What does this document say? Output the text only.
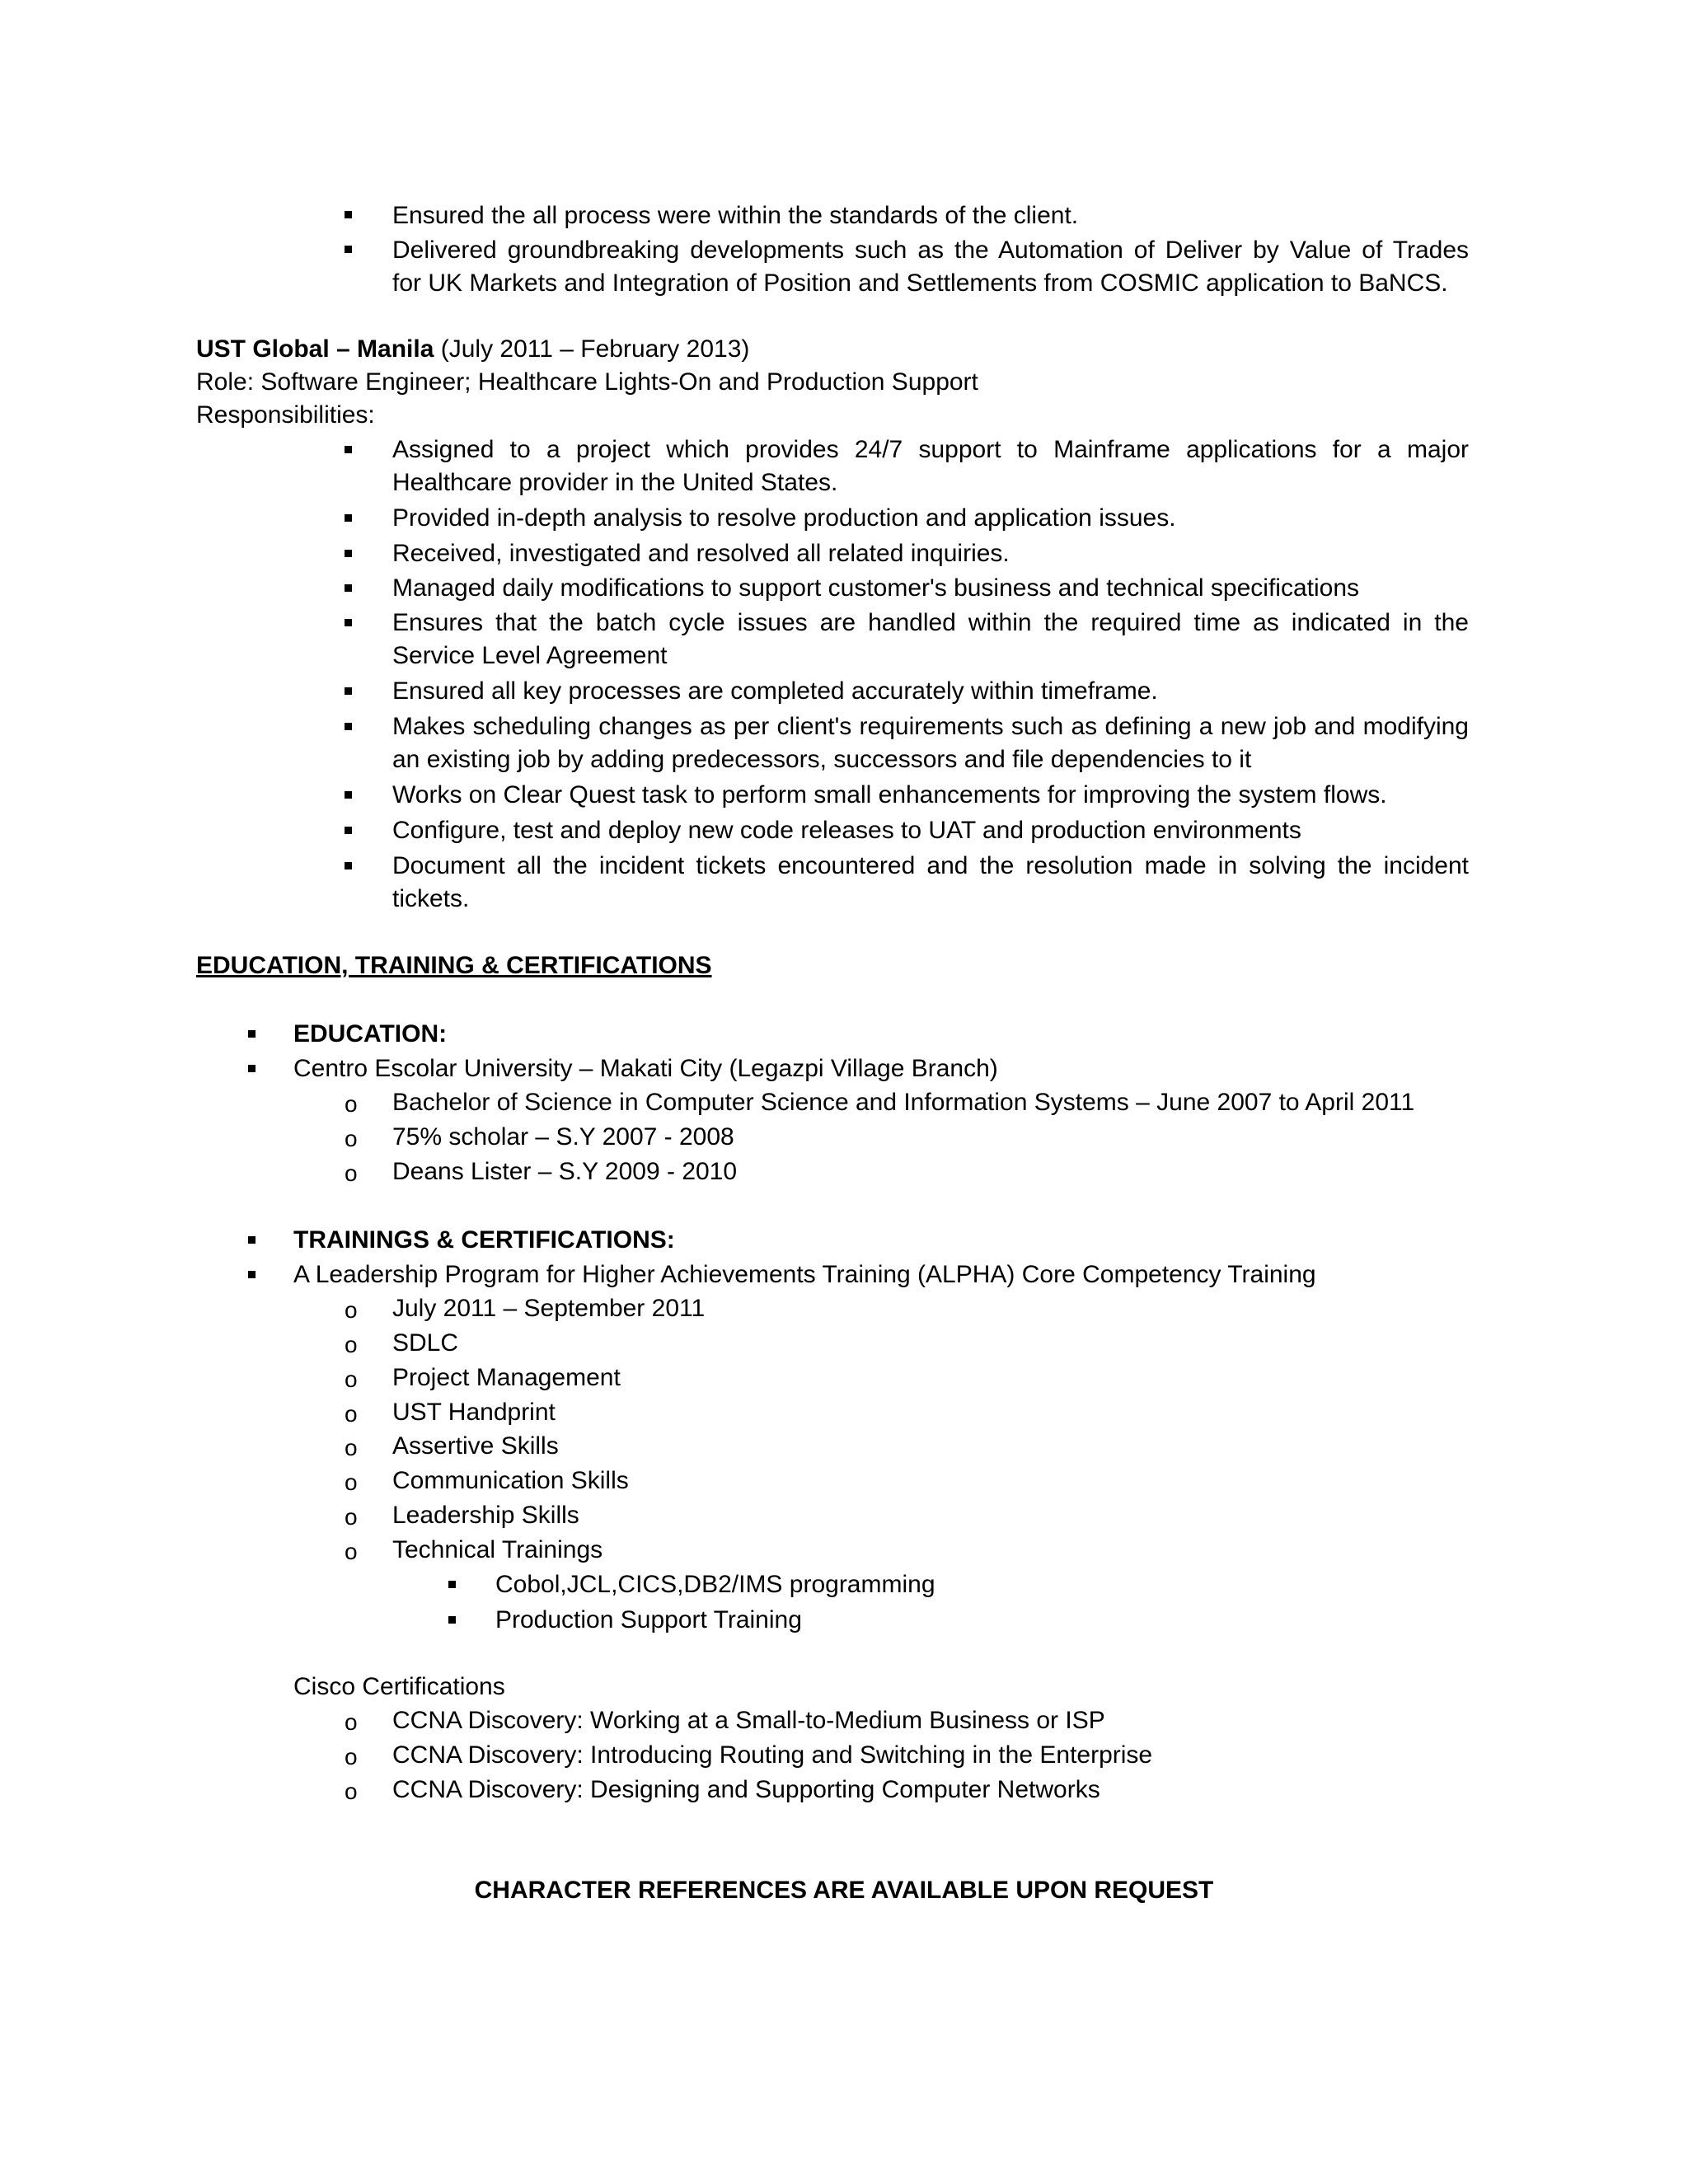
Ensured the all process were within the standards of the client.
Delivered groundbreaking developments such as the Automation of Deliver by Value of Trades
for UK Markets and Integration of Position and Settlements from COSMIC application to BaNCS.
UST Global – Manila (July 2011 – February 2013)
Role: Software Engineer; Healthcare Lights-On and Production Support
Responsibilities:
Assigned to a project which provides 24/7 support to Mainframe applications for a major
Healthcare provider in the United States.
Provided in-depth analysis to resolve production and application issues.
Received, investigated and resolved all related inquiries.
Managed daily modifications to support customer's business and technical specifications
Ensures that the batch cycle issues are handled within the required time as indicated in the
Service Level Agreement
Ensured all key processes are completed accurately within timeframe.
Makes scheduling changes as per client's requirements such as defining a new job and modifying
an existing job by adding predecessors, successors and file dependencies to it
Works on Clear Quest task to perform small enhancements for improving the system flows.
Configure, test and deploy new code releases to UAT and production environments
Document all the incident tickets encountered and the resolution made in solving the incident
tickets.
EDUCATION, TRAINING & CERTIFICATIONS
EDUCATION:
Centro Escolar University – Makati City (Legazpi Village Branch)
o Bachelor of Science in Computer Science and Information Systems – June 2007 to April 2011
o 75% scholar – S.Y 2007 - 2008
o Deans Lister – S.Y 2009 - 2010
TRAININGS & CERTIFICATIONS:
A Leadership Program for Higher Achievements Training (ALPHA) Core Competency Training
o July 2011 – September 2011
o SDLC
o Project Management
o UST Handprint
o Assertive Skills
o Communication Skills
o Leadership Skills
o Technical Trainings
Cobol,JCL,CICS,DB2/IMS programming
Production Support Training
Cisco Certifications
o CCNA Discovery: Working at a Small-to-Medium Business or ISP
o CCNA Discovery: Introducing Routing and Switching in the Enterprise
o CCNA Discovery: Designing and Supporting Computer Networks
CHARACTER REFERENCES ARE AVAILABLE UPON REQUEST
